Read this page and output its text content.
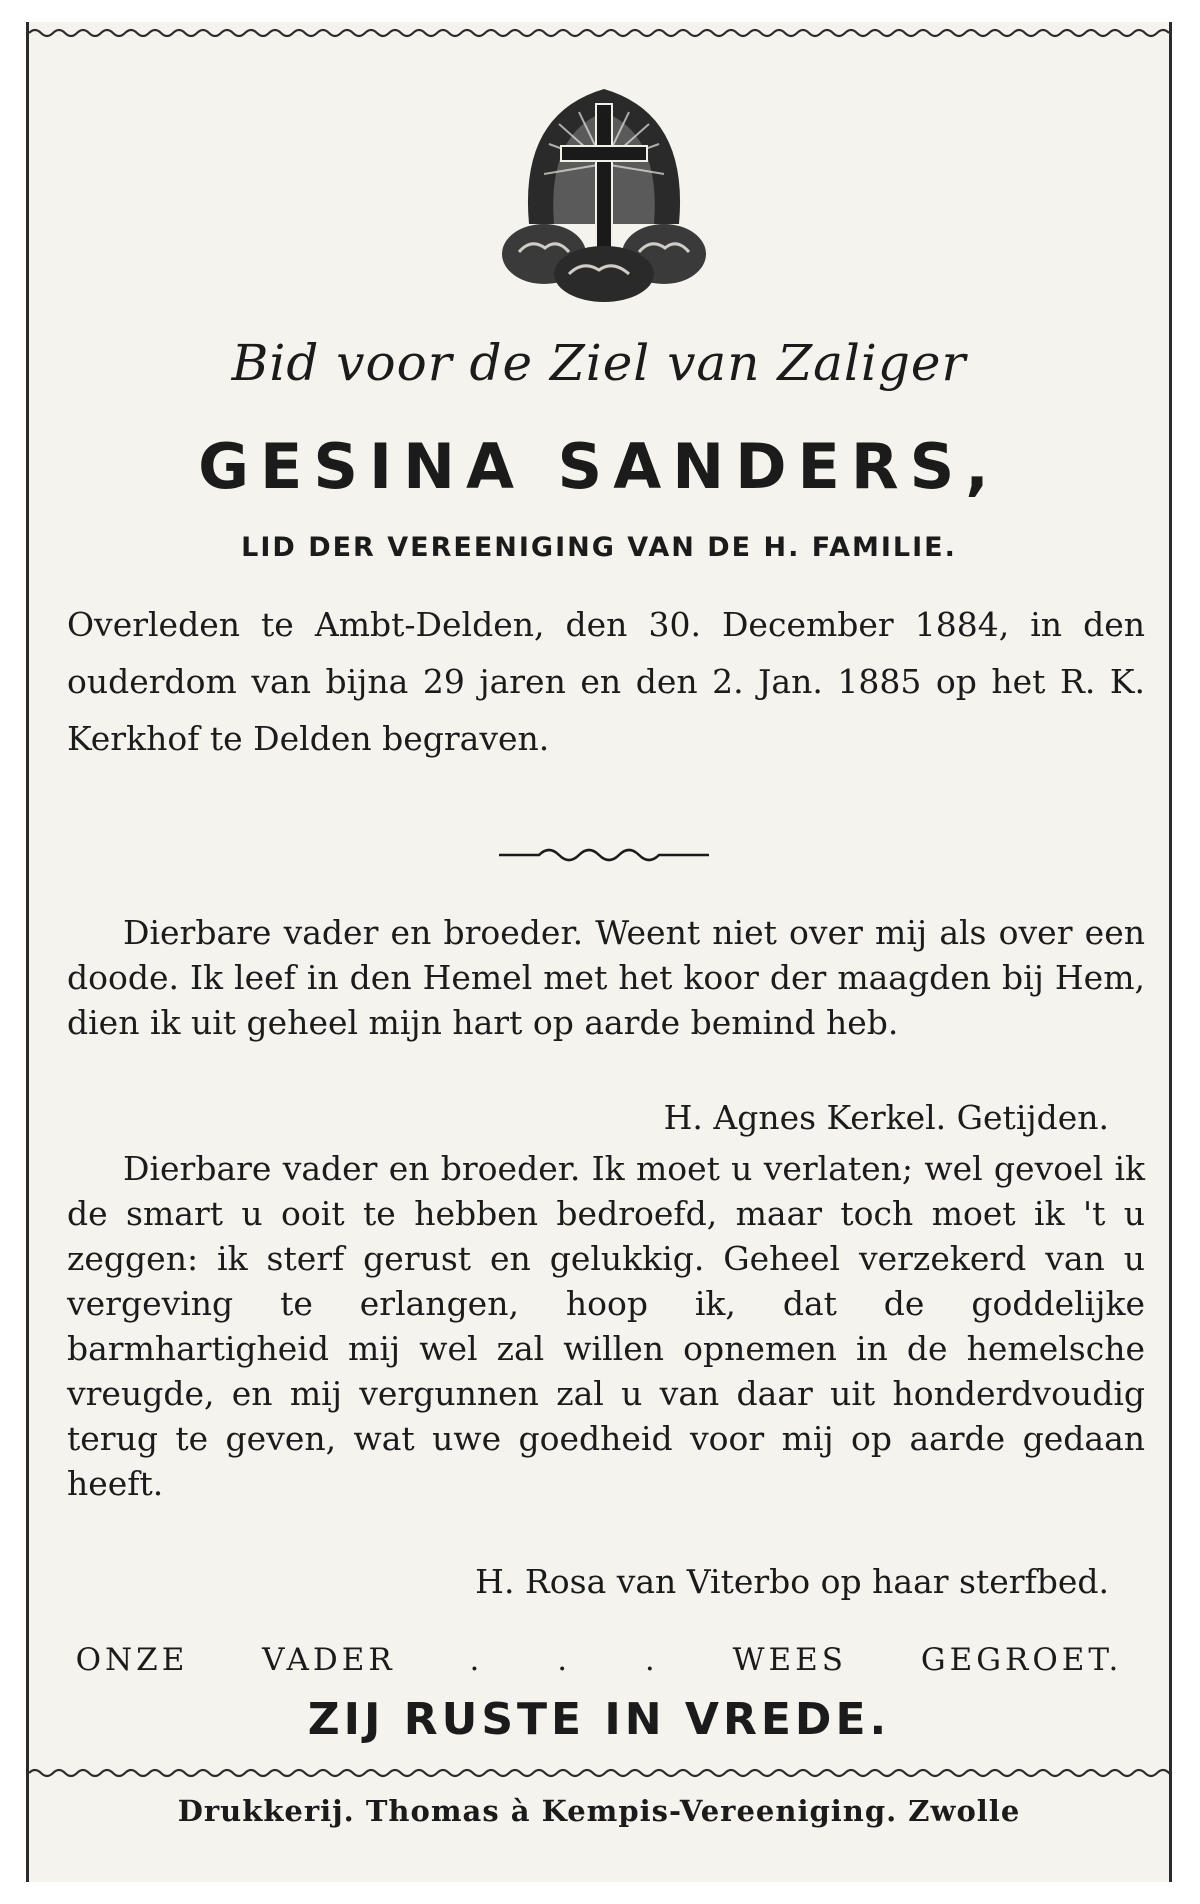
Bid voor de Ziel van Zaliger
GESINA SANDERS,
LID DER VEREENIGING VAN DE H. FAMILIE.
Overleden te Ambt-Delden, den 30. December 1884, in den ouderdom van bijna 29 jaren en den 2. Jan. 1885 op het R. K. Kerkhof te Delden begraven.
Dierbare vader en broeder. Weent niet over mij als over een doode. Ik leef in den Hemel met het koor der maagden bij Hem, dien ik uit geheel mijn hart op aarde bemind heb.
H. Agnes Kerkel. Getijden.
Dierbare vader en broeder. Ik moet u verlaten; wel gevoel ik de smart u ooit te hebben bedroefd, maar toch moet ik 't u zeggen: ik sterf gerust en gelukkig. Geheel verzekerd van u vergeving te erlangen, hoop ik, dat de goddelijke barmhartigheid mij wel zal willen opnemen in de hemelsche vreugde, en mij vergunnen zal u van daar uit honderdvoudig terug te geven, wat uwe goedheid voor mij op aarde gedaan heeft.
H. Rosa van Viterbo op haar sterfbed.
ONZE VADER . . . WEES GEGROET.
ZIJ RUSTE IN VREDE.
Drukkerij. Thomas à Kempis-Vereeniging. Zwolle
